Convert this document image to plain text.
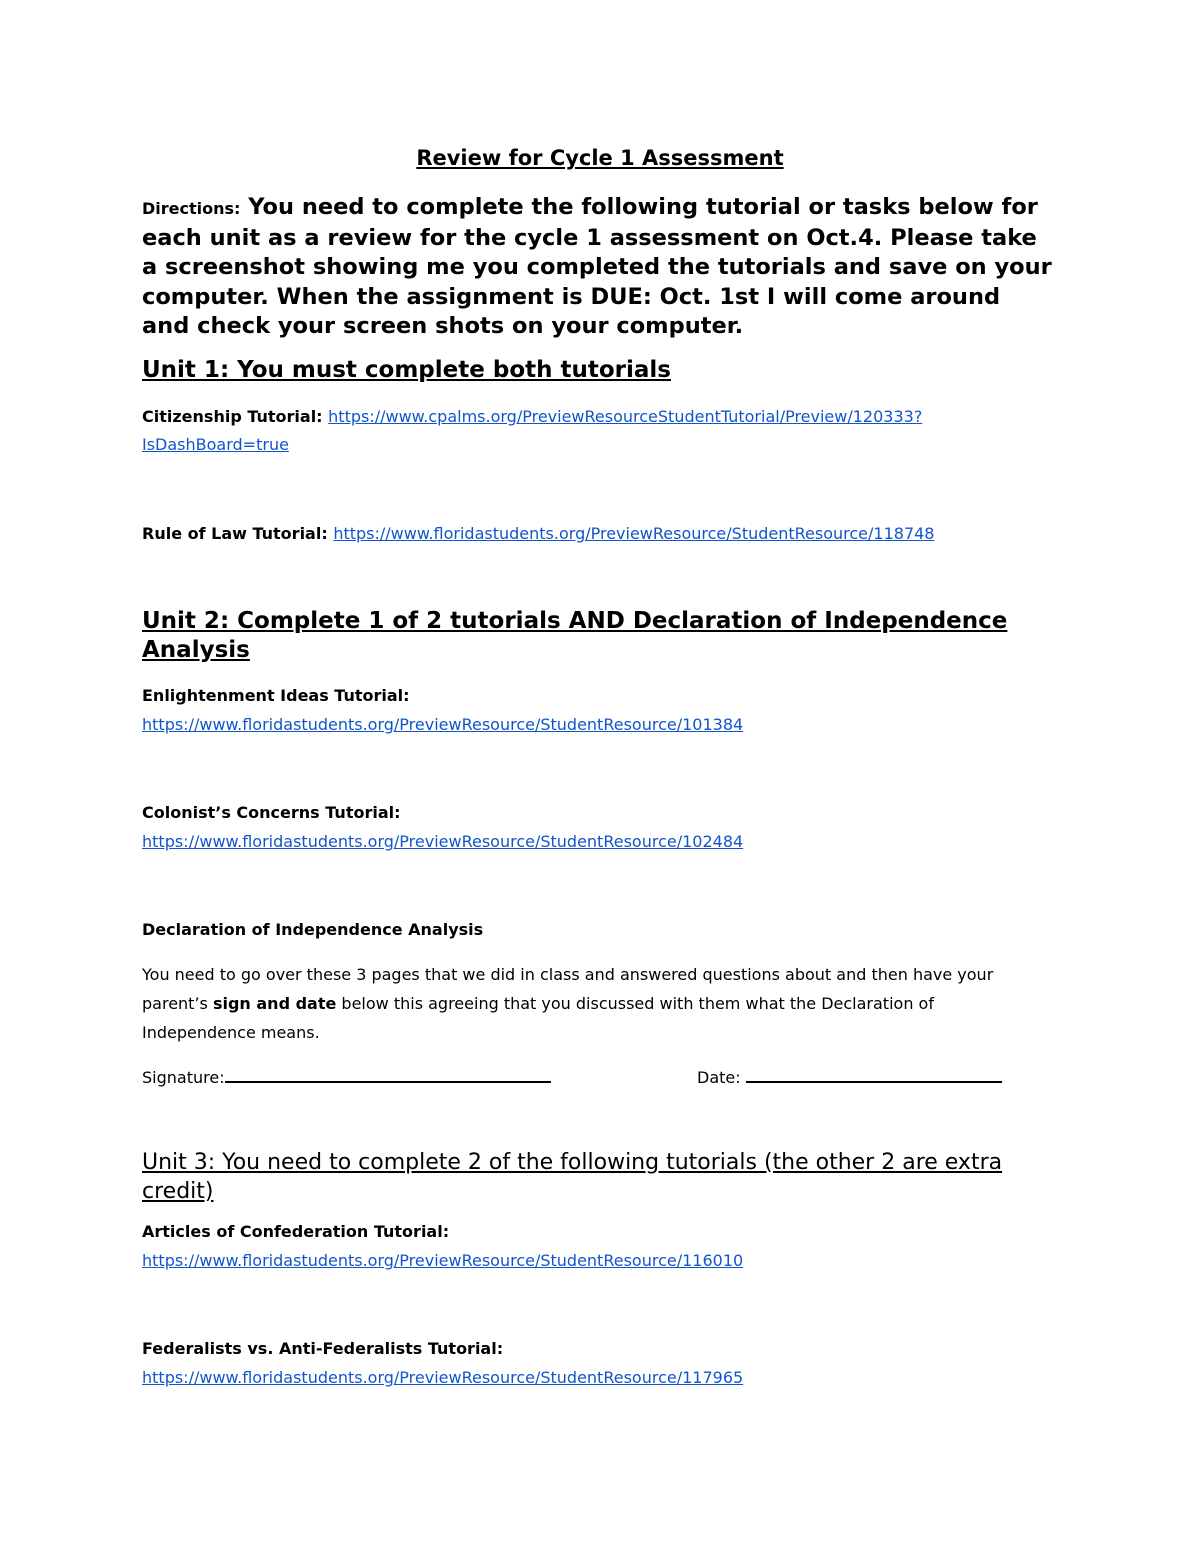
Review for Cycle 1 Assessment
Directions: You need to complete the following tutorial or tasks below for each unit as a review for the cycle 1 assessment on Oct.4. Please take a screenshot showing me you completed the tutorials and save on your computer. When the assignment is DUE: Oct. 1st I will come around and check your screen shots on your computer.
Unit 1: You must complete both tutorials
Citizenship Tutorial: https://www.cpalms.org/PreviewResourceStudentTutorial/Preview/120333?
IsDashBoard=true
Rule of Law Tutorial: https://www.floridastudents.org/PreviewResource/StudentResource/118748
Unit 2: Complete 1 of 2 tutorials AND Declaration of Independence Analysis
Enlightenment Ideas Tutorial:
https://www.floridastudents.org/PreviewResource/StudentResource/101384
Colonist’s Concerns Tutorial:
https://www.floridastudents.org/PreviewResource/StudentResource/102484
Declaration of Independence Analysis
You need to go over these 3 pages that we did in class and answered questions about and then have your parent’s sign and date below this agreeing that you discussed with them what the Declaration of Independence means.
Signature:	Date:
Unit 3: You need to complete 2 of the following tutorials (the other 2 are extra credit)
Articles of Confederation Tutorial:
https://www.floridastudents.org/PreviewResource/StudentResource/116010
Federalists vs. Anti-Federalists Tutorial:
https://www.floridastudents.org/PreviewResource/StudentResource/117965
